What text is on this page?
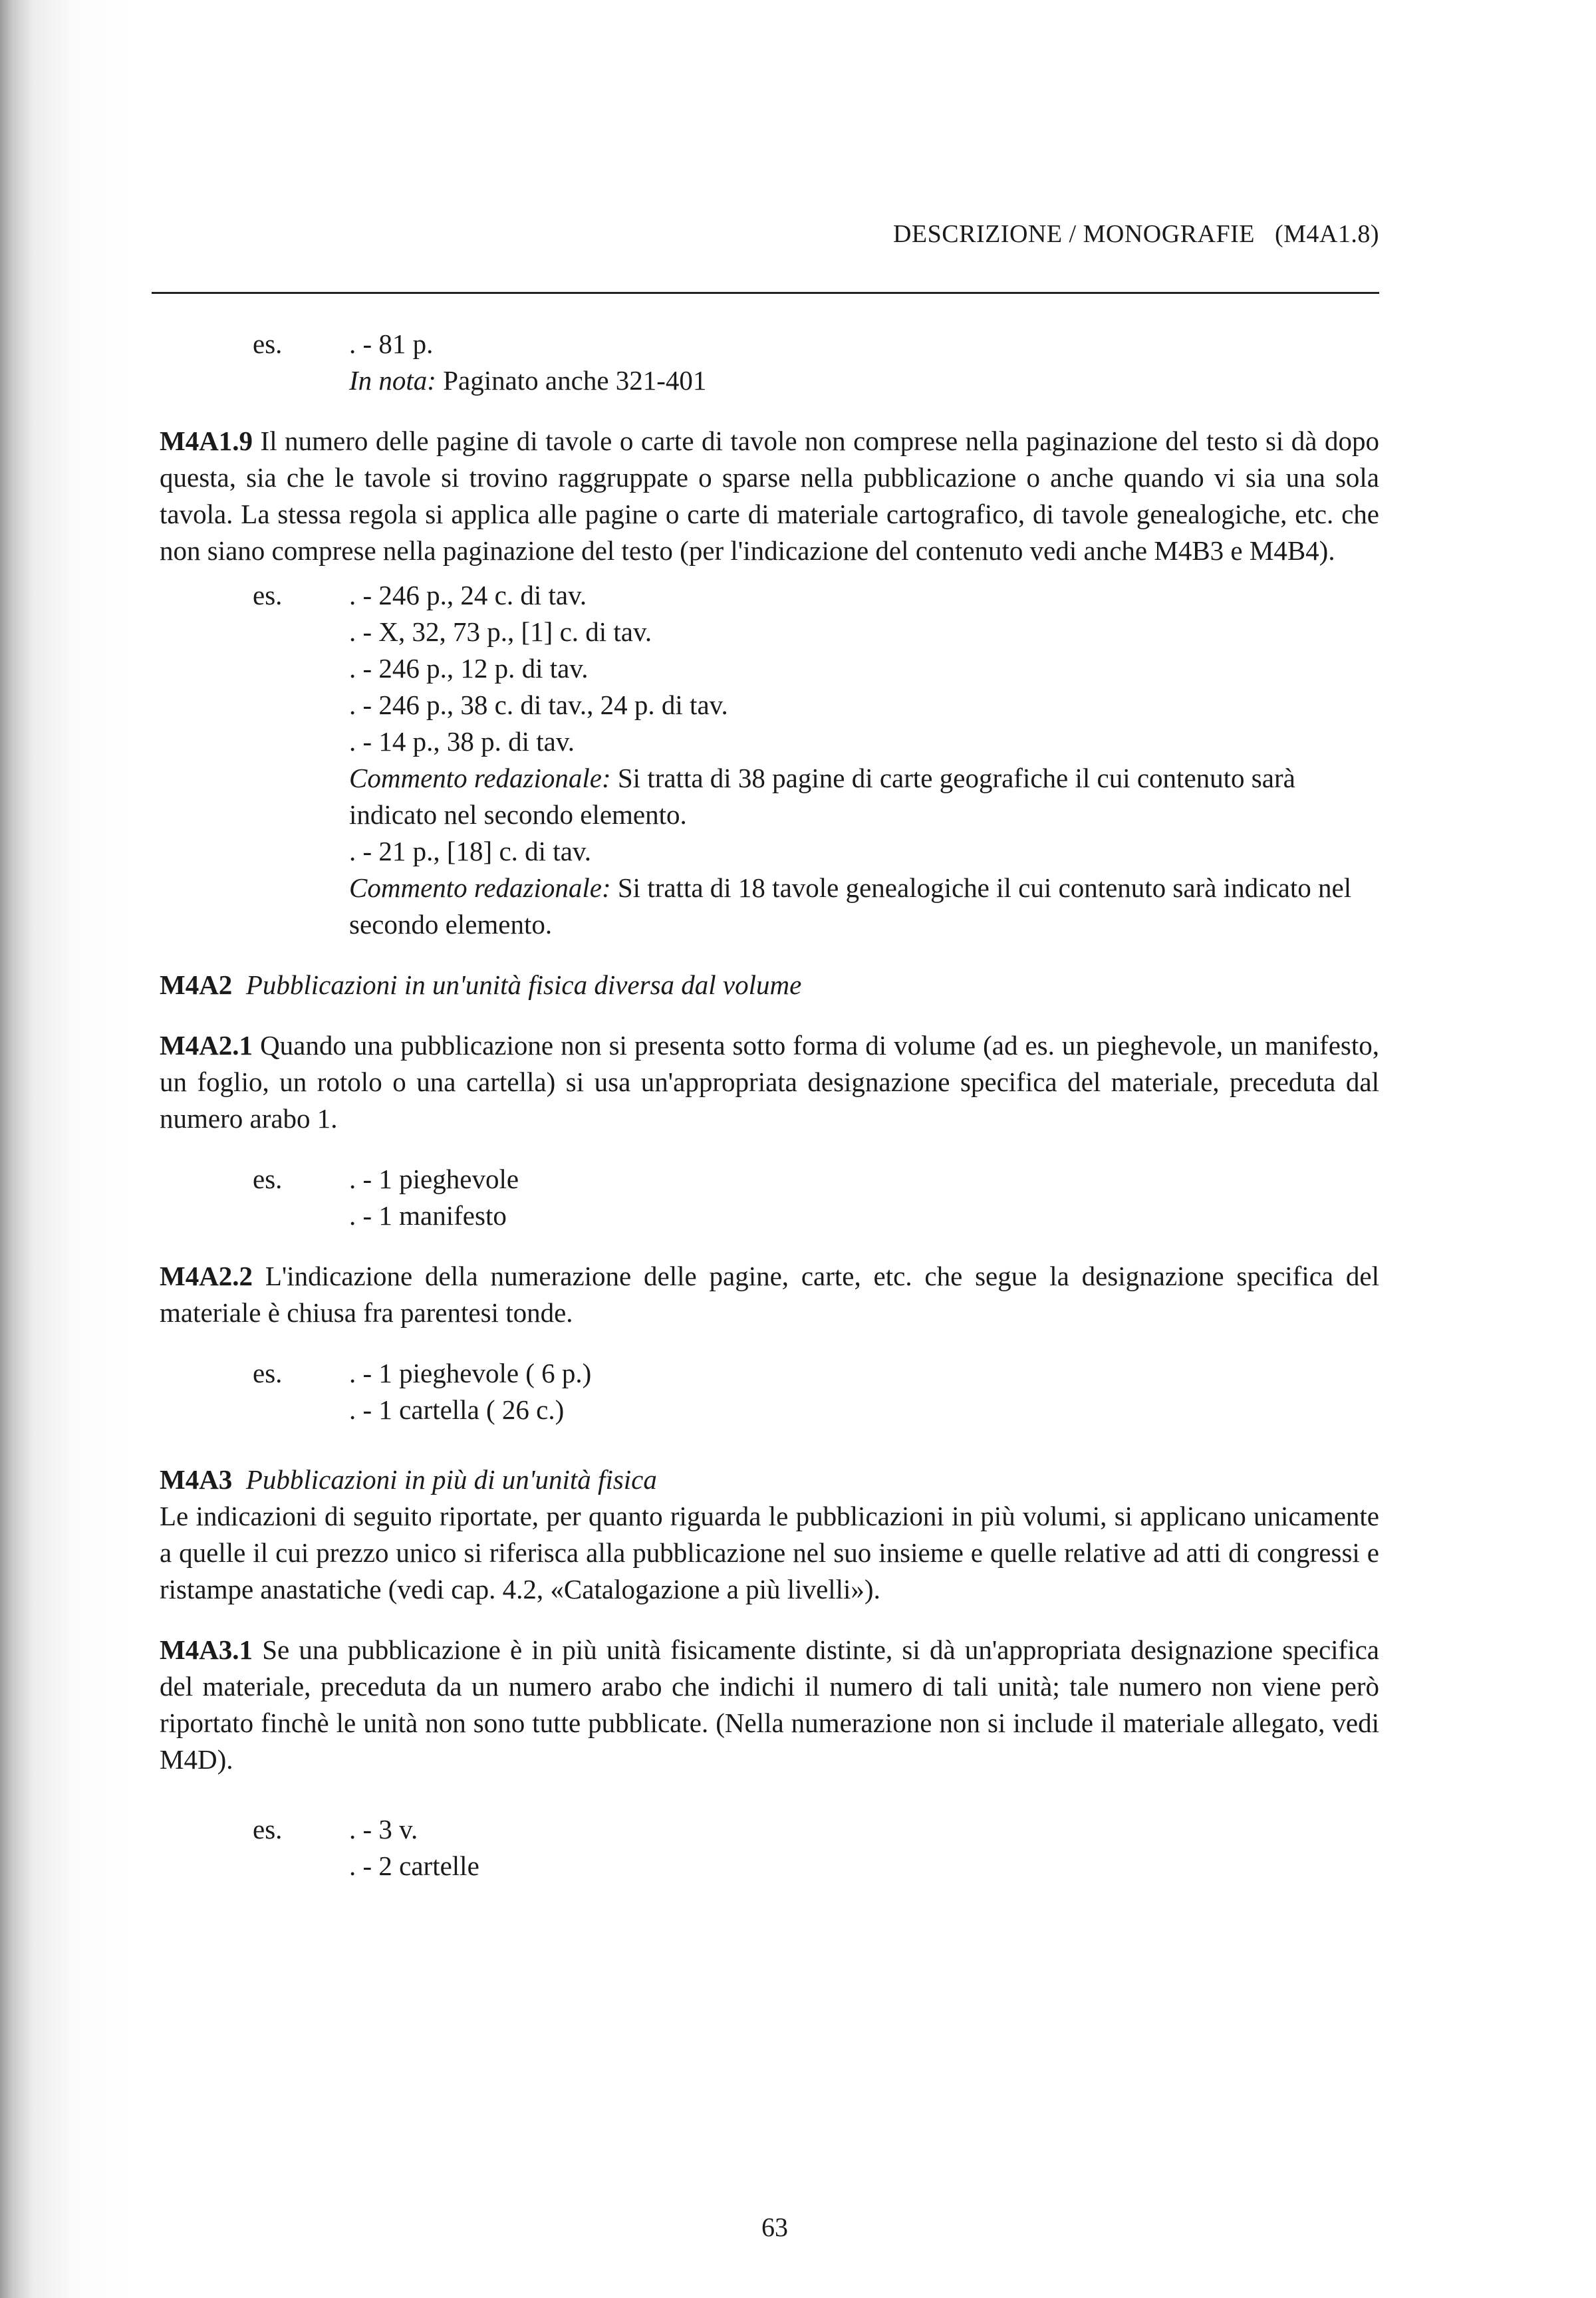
DESCRIZIONE / MONOGRAFIE (M4A1.8)
es.	. - 81 p.

In nota: Paginato anche 321-401

M4A1.9 Il numero delle pagine di tavole o carte di tavole non comprese nella paginazione del testo si dà dopo questa, sia che le tavole si trovino raggruppate o sparse nella pubblicazione o anche quando vi sia una sola tavola. La stessa regola si applica alle pagine o carte di materiale cartografico, di tavole genealogiche, etc. che non siano comprese nella paginazione del testo (per l'indicazione del contenuto vedi anche M4B3 e M4B4).

es.	. - 246 p., 24 c. di tav.

. - X, 32, 73 p., [1] c. di tav.

. - 246 p., 12 p. di tav.

. - 246 p., 38 c. di tav., 24 p. di tav.

. - 14 p., 38 p. di tav.

Commento redazionale: Si tratta di 38 pagine di carte geografiche il cui contenuto sarà indicato nel secondo elemento.

. - 21 p., [18] c. di tav.

Commento redazionale: Si tratta di 18 tavole genealogiche il cui contenuto sarà indicato nel secondo elemento.

M4A2 Pubblicazioni in un'unità fisica diversa dal volume

M4A2.1 Quando una pubblicazione non si presenta sotto forma di volume (ad es. un pieghevole, un manifesto, un foglio, un rotolo o una cartella) si usa un'appropriata designazione specifica del materiale, preceduta dal numero arabo 1.

es.	. - 1 pieghevole

. - 1 manifesto

M4A2.2 L'indicazione della numerazione delle pagine, carte, etc. che segue la designazione specifica del materiale è chiusa fra parentesi tonde.

es.	. - 1 pieghevole ( 6 p.)

. - 1 cartella ( 26 c.)

M4A3 Pubblicazioni in più di un'unità fisica

Le indicazioni di seguito riportate, per quanto riguarda le pubblicazioni in più volumi, si applicano unicamente a quelle il cui prezzo unico si riferisca alla pubblicazione nel suo insieme e quelle relative ad atti di congressi e ristampe anastatiche (vedi cap. 4.2, «Catalogazione a più livelli»).

M4A3.1 Se una pubblicazione è in più unità fisicamente distinte, si dà un'appropriata designazione specifica del materiale, preceduta da un numero arabo che indichi il numero di tali unità; tale numero non viene però riportato finchè le unità non sono tutte pubblicate. (Nella numerazione non si include il materiale allegato, vedi M4D).

es.	. - 3 v.

. - 2 cartelle

63
